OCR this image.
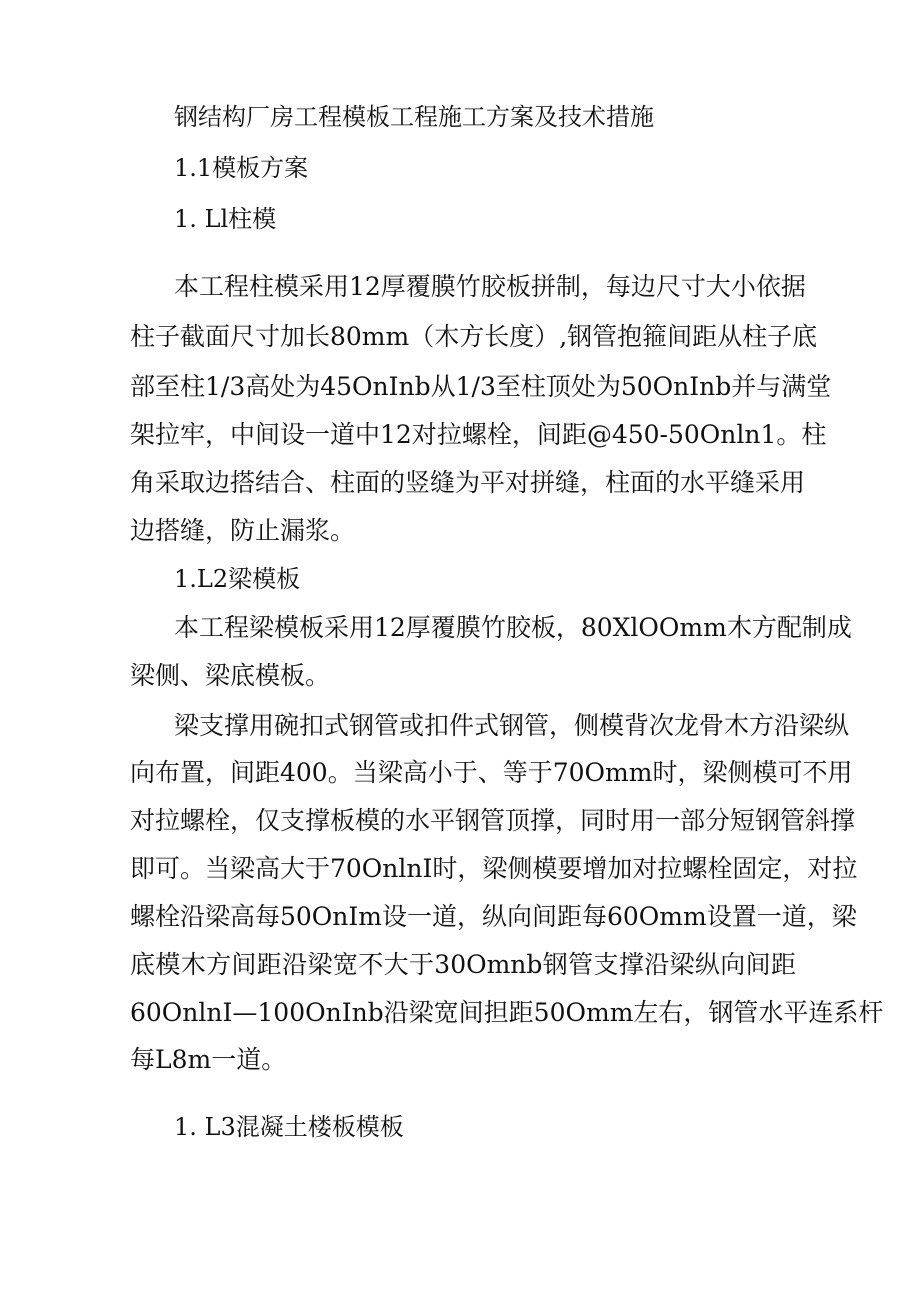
钢结构厂房工程模板工程施工方案及技术措施
1.1模板方案
1. Ll柱模
本工程柱模采用12厚覆膜竹胶板拼制，每边尺寸大小依据
柱子截面尺寸加长80mm（木方长度）,钢管抱箍间距从柱子底
部至柱1/3高处为45OnInb从1/3至柱顶处为50OnInb并与满堂
架拉牢，中间设一道中12对拉螺栓，间距@450-50Onln1。柱
角采取边搭结合、柱面的竖缝为平对拼缝，柱面的水平缝采用
边搭缝，防止漏浆。
1.L2梁模板
本工程梁模板采用12厚覆膜竹胶板，80XlOOmm木方配制成
梁侧、梁底模板。
梁支撑用碗扣式钢管或扣件式钢管，侧模背次龙骨木方沿梁纵
向布置，间距400。当梁高小于、等于70Omm时，梁侧模可不用
对拉螺栓，仅支撑板模的水平钢管顶撑，同时用一部分短钢管斜撑
即可。当梁高大于70OnlnI时，梁侧模要增加对拉螺栓固定，对拉
螺栓沿梁高每50OnIm设一道，纵向间距每60Omm设置一道，梁
底模木方间距沿梁宽不大于30Omnb钢管支撑沿梁纵向间距
60OnlnI—100OnInb沿梁宽间担距50Omm左右，钢管水平连系杆
每L8m一道。
1. L3混凝土楼板模板
